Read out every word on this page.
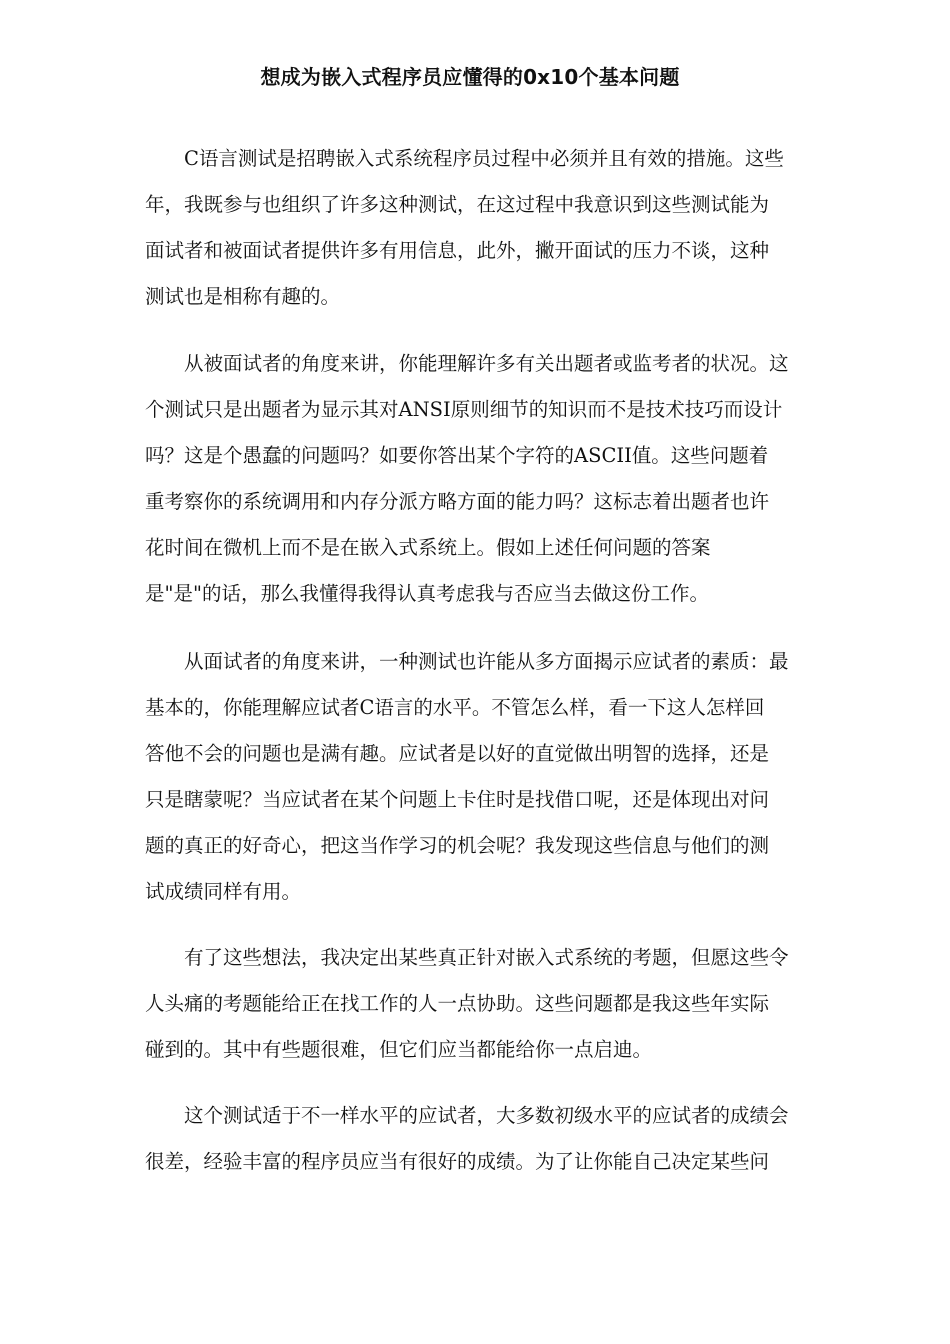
想成为嵌入式程序员应懂得的0x10个基本问题
C语言测试是招聘嵌入式系统程序员过程中必须并且有效的措施。这些
年，我既参与也组织了许多这种测试，在这过程中我意识到这些测试能为
面试者和被面试者提供许多有用信息，此外，撇开面试的压力不谈，这种
测试也是相称有趣的。
从被面试者的角度来讲，你能理解许多有关出题者或监考者的状况。这
个测试只是出题者为显示其对ANSI原则细节的知识而不是技术技巧而设计
吗？这是个愚蠢的问题吗？如要你答出某个字符的ASCII值。这些问题着
重考察你的系统调用和内存分派方略方面的能力吗？这标志着出题者也许
花时间在微机上而不是在嵌入式系统上。假如上述任何问题的答案
是"是"的话，那么我懂得我得认真考虑我与否应当去做这份工作。
从面试者的角度来讲，一种测试也许能从多方面揭示应试者的素质：最
基本的，你能理解应试者C语言的水平。不管怎么样，看一下这人怎样回
答他不会的问题也是满有趣。应试者是以好的直觉做出明智的选择，还是
只是瞎蒙呢？当应试者在某个问题上卡住时是找借口呢，还是体现出对问
题的真正的好奇心，把这当作学习的机会呢？我发现这些信息与他们的测
试成绩同样有用。
有了这些想法，我决定出某些真正针对嵌入式系统的考题，但愿这些令
人头痛的考题能给正在找工作的人一点协助。这些问题都是我这些年实际
碰到的。其中有些题很难，但它们应当都能给你一点启迪。
这个测试适于不一样水平的应试者，大多数初级水平的应试者的成绩会
很差，经验丰富的程序员应当有很好的成绩。为了让你能自己决定某些问
